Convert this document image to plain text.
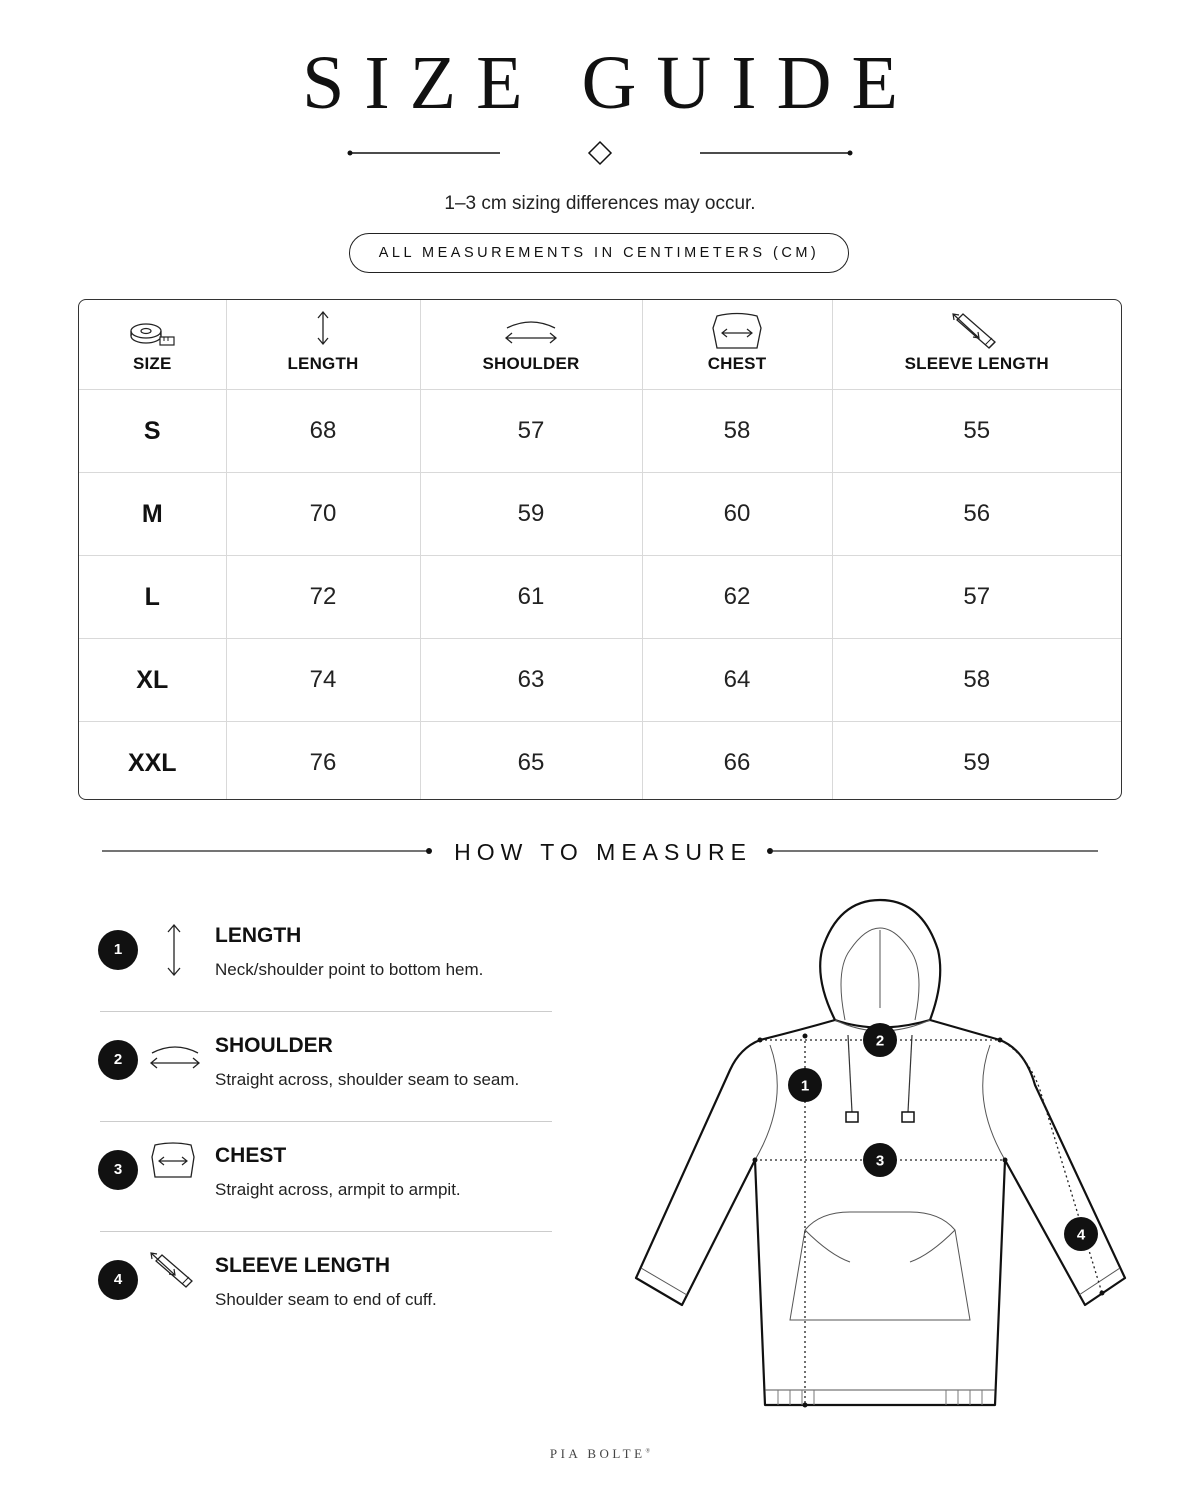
SIZE GUIDE
1–3 cm sizing differences may occur.
ALL MEASUREMENTS IN CENTIMETERS (CM)
SIZE	LENGTH	SHOULDER	CHEST	SLEEVE LENGTH

S	68	57	58	55
M	70	59	60	56
L	72	61	62	57
XL	74	63	64	58
XXL	76	65	66	59
HOW TO MEASURE
1
LENGTH
Neck/shoulder point to bottom hem.
2
SHOULDER
Straight across, shoulder seam to seam.
3
CHEST
Straight across, armpit to armpit.
4
SLEEVE LENGTH
Shoulder seam to end of cuff.
1
2
3
4
PIA BOLTE®
